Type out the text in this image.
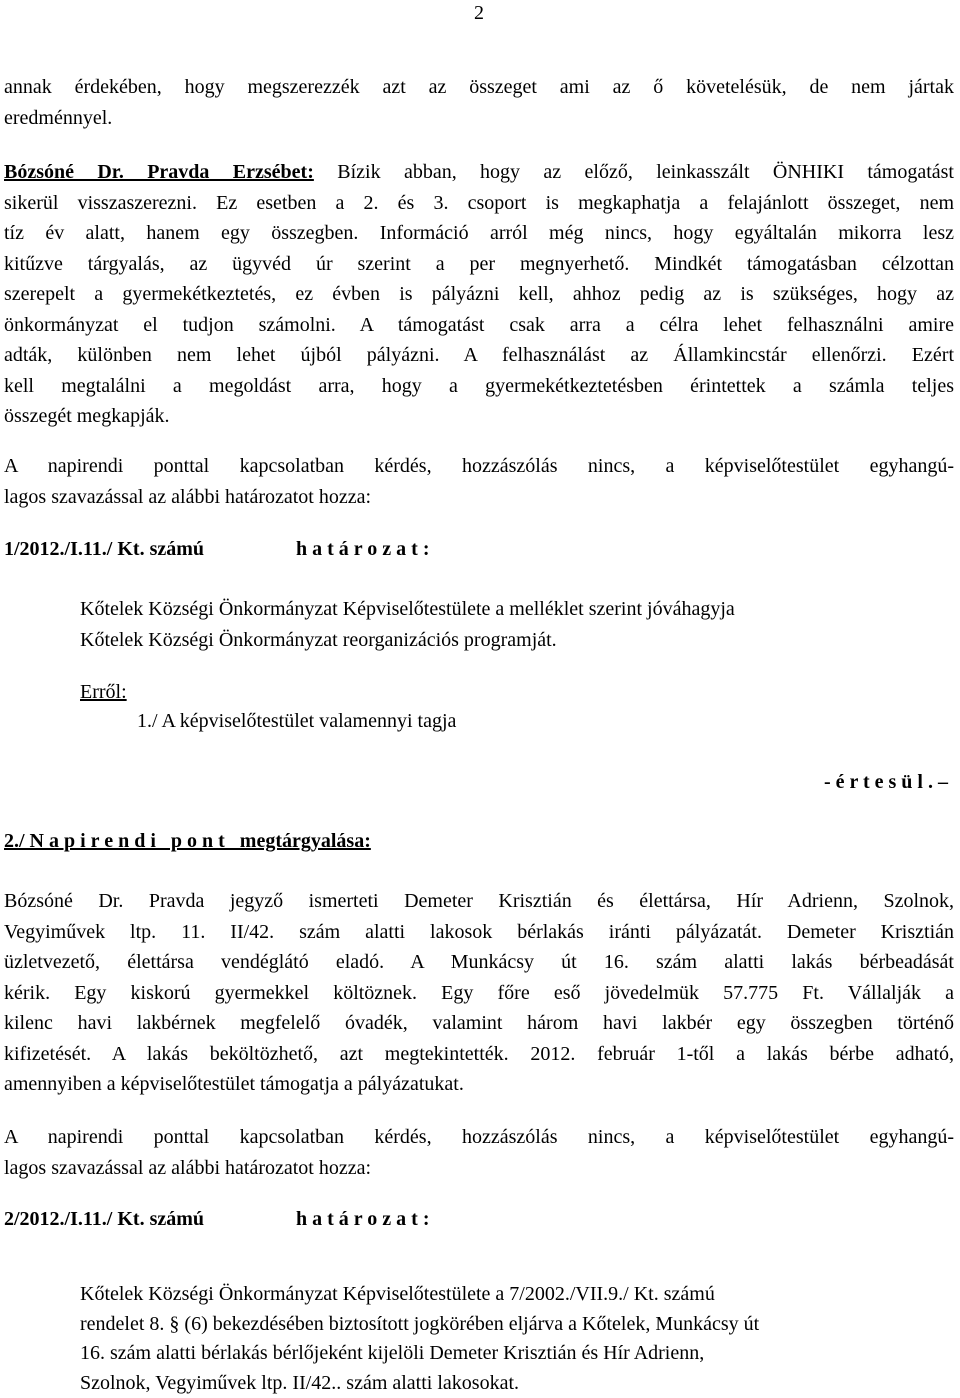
2
annak érdekében, hogy megszerezzék azt az összeget ami az ő követelésük, de nem jártak
eredménnyel.
Bózsóné Dr. Pravda Erzsébet: Bízik abban, hogy az előző, leinkasszált ÖNHIKI támogatást
sikerül visszaszerezni. Ez esetben a 2. és 3. csoport is megkaphatja a felajánlott összeget, nem
tíz év alatt, hanem egy összegben. Információ arról még nincs, hogy egyáltalán mikorra lesz
kitűzve tárgyalás, az ügyvéd úr szerint a per megnyerhető. Mindkét támogatásban célzottan
szerepelt a gyermekétkeztetés, ez évben is pályázni kell, ahhoz pedig az is szükséges, hogy az
önkormányzat el tudjon számolni. A támogatást csak arra a célra lehet felhasználni amire
adták, különben nem lehet újból pályázni. A felhasználást az Államkincstár ellenőrzi. Ezért
kell megtalálni a megoldást arra, hogy a gyermekétkeztetésben érintettek a számla teljes
összegét megkapják.
A napirendi ponttal kapcsolatban kérdés, hozzászólás nincs, a képviselőtestület egyhangú-
lagos szavazással az alábbi határozatot hozza:
1/2012./I.11./ Kt. számú	h a t á r o z a t :
Kőtelek Községi Önkormányzat Képviselőtestülete a melléklet szerint jóváhagyja
Kőtelek Községi Önkormányzat reorganizációs programját.
Erről:
1./ A képviselőtestület valamennyi tagja
- é r t e s ü l . –
2./ N a p i r e n d i   p o n t   megtárgyalása:
Bózsóné Dr. Pravda jegyző ismerteti Demeter Krisztián és élettársa, Hír Adrienn, Szolnok,
Vegyiművek ltp. 11. II/42. szám alatti lakosok bérlakás iránti pályázatát. Demeter Krisztián
üzletvezető, élettársa vendéglátó eladó. A Munkácsy út 16. szám alatti lakás bérbeadását
kérik. Egy kiskorú gyermekkel költöznek. Egy főre eső jövedelmük 57.775 Ft. Vállalják a
kilenc havi lakbérnek megfelelő óvadék, valamint három havi lakbér egy összegben történő
kifizetését. A lakás beköltözhető, azt megtekintették. 2012. február 1-től a lakás bérbe adható,
amennyiben a képviselőtestület támogatja a pályázatukat.
A napirendi ponttal kapcsolatban kérdés, hozzászólás nincs, a képviselőtestület egyhangú-
lagos szavazással az alábbi határozatot hozza:
2/2012./I.11./ Kt. számú	h a t á r o z a t :
Kőtelek Községi Önkormányzat Képviselőtestülete a 7/2002./VII.9./ Kt. számú
rendelet 8. § (6) bekezdésében biztosított jogkörében eljárva a Kőtelek, Munkácsy út
16. szám alatti bérlakás bérlőjeként kijelöli Demeter Krisztián és Hír Adrienn,
Szolnok, Vegyiművek ltp. II/42.. szám alatti lakosokat.
